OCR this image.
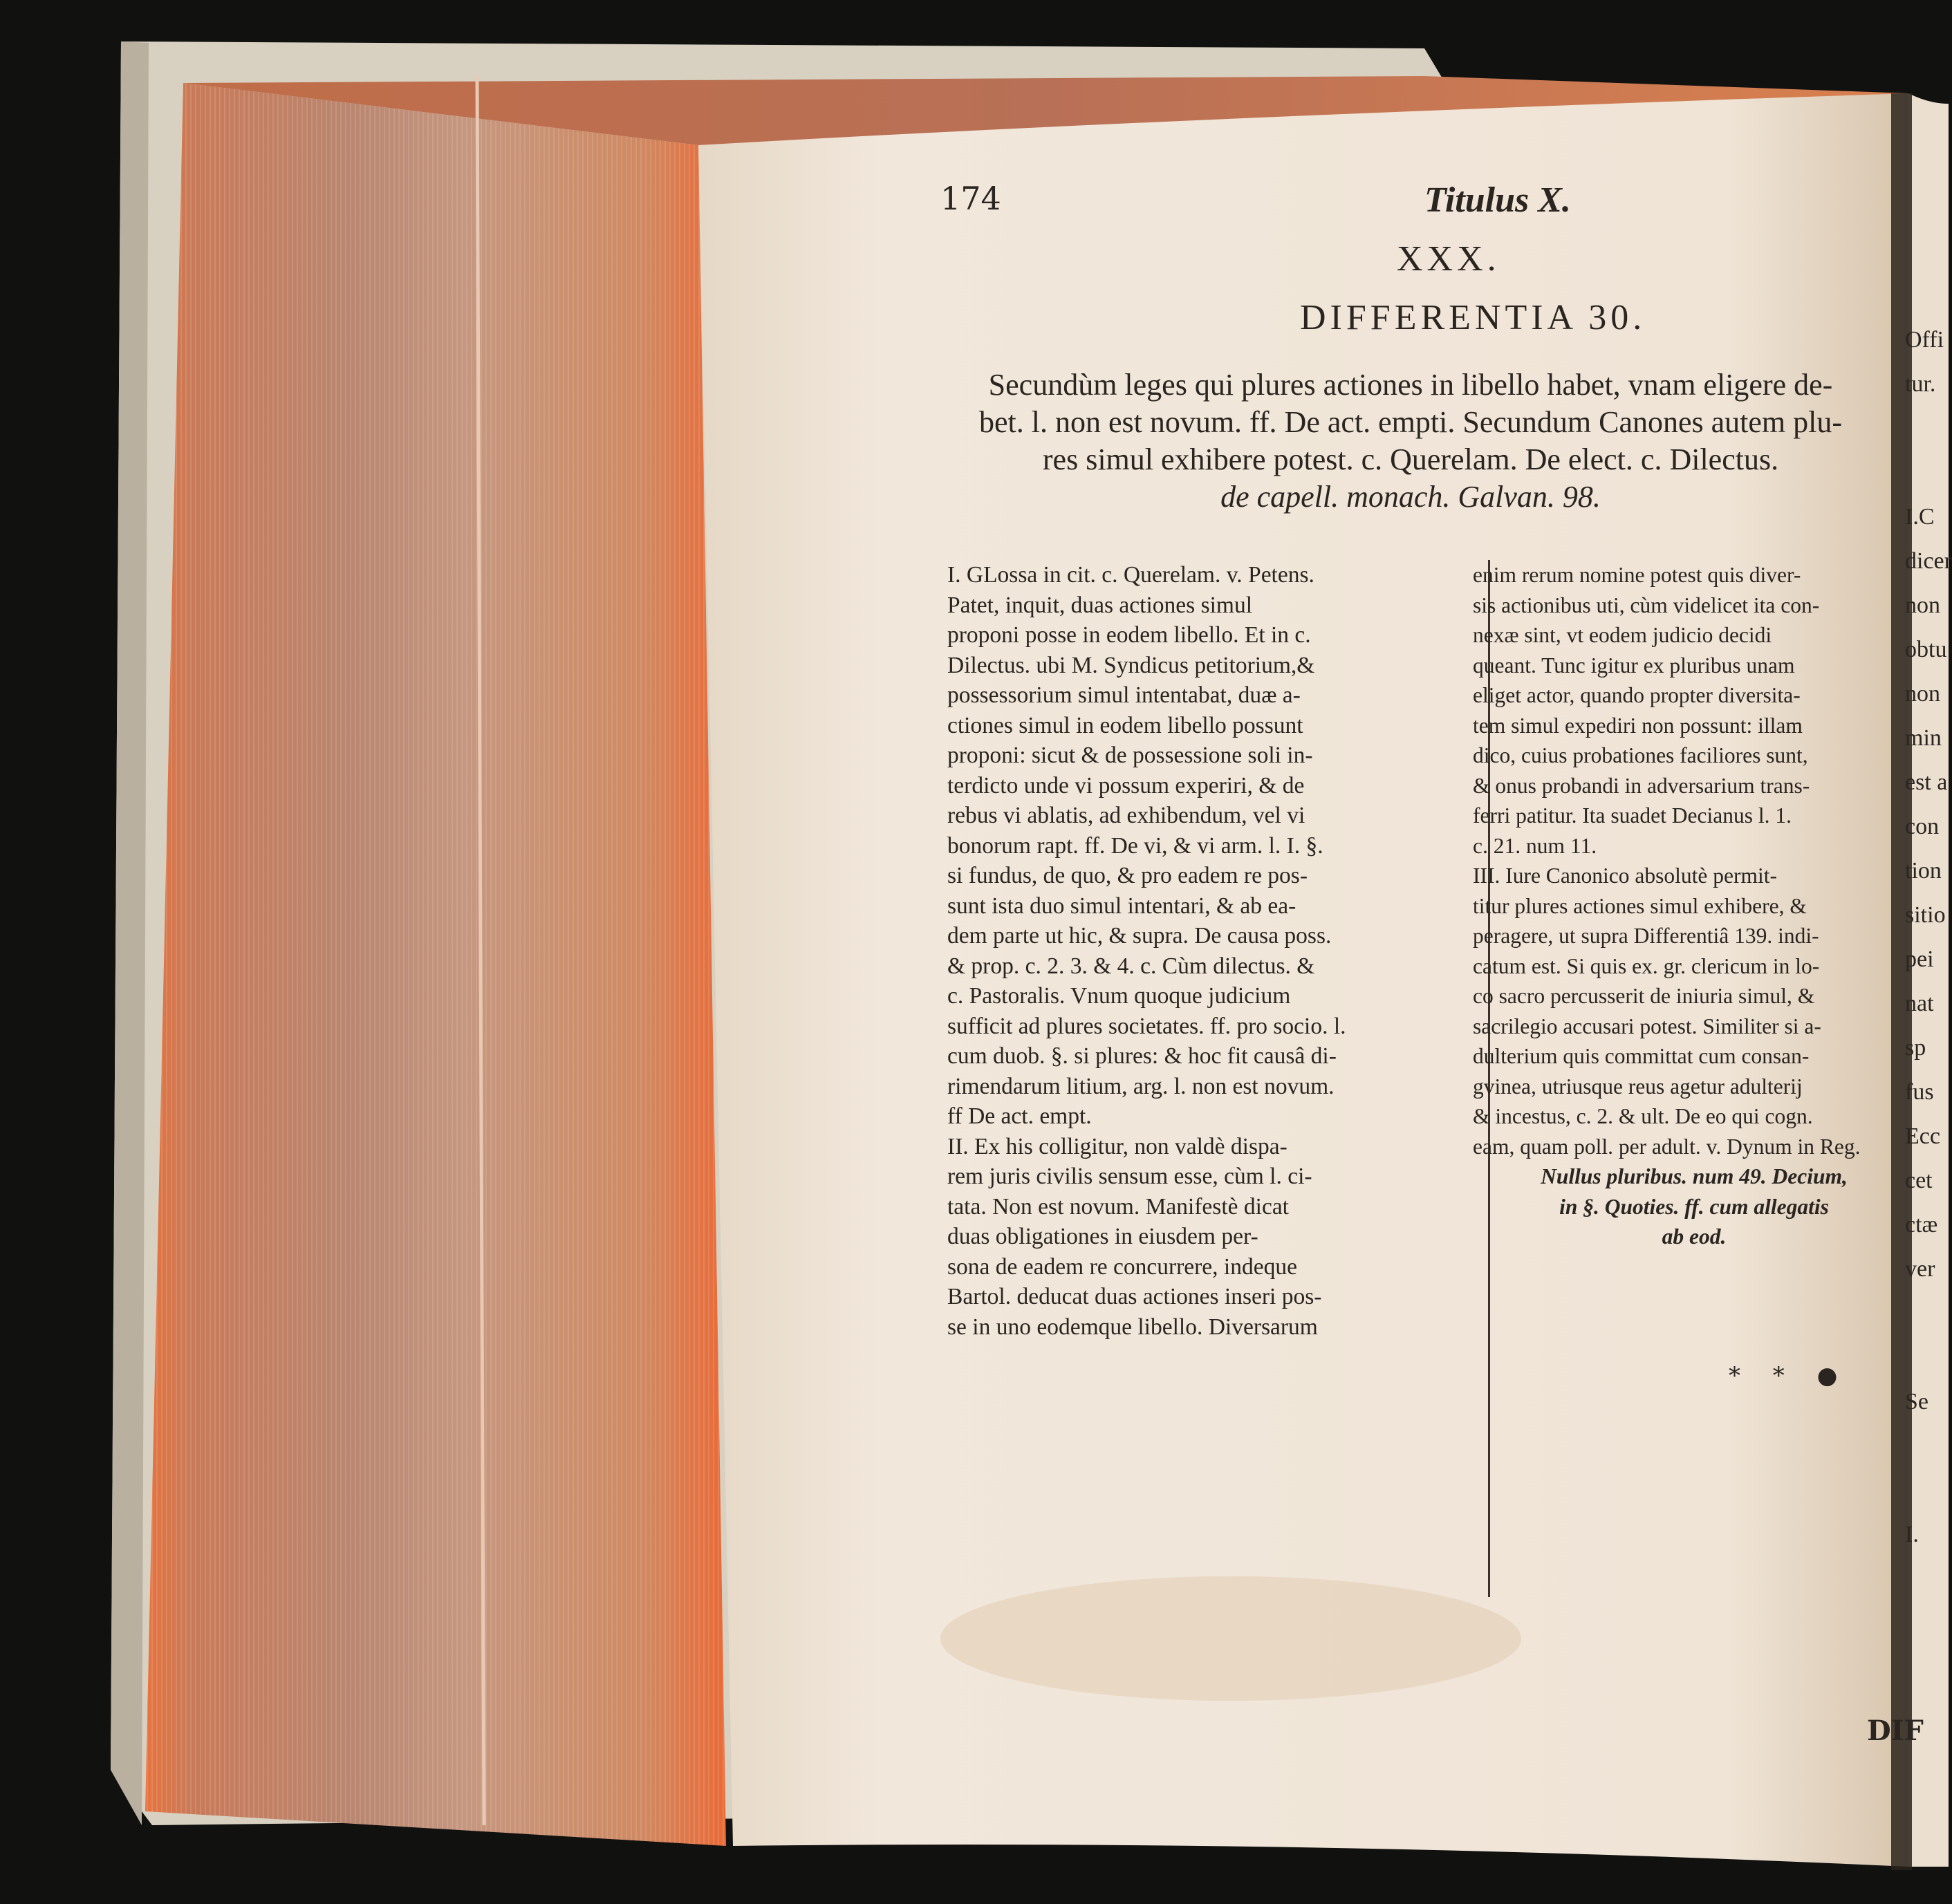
174	Titulus X.
XXX.
DIFFERENTIA 30.
Secundùm leges qui plures actiones in libello habet, vnam eligere de-
bet. l. non est novum. ff. De act. empti. Secundum Canones autem plu-
res simul exhibere potest. c. Querelam. De elect. c. Dilectus.
de capell. monach. Galvan. 98.
I. GLossa in cit. c. Querelam. v. Petens.
Patet, inquit, duas actiones simul
proponi posse in eodem libello. Et in c.
Dilectus. ubi M. Syndicus petitorium,&
possessorium simul intentabat, duæ a-
ctiones simul in eodem libello possunt
proponi: sicut & de possessione soli in-
terdicto unde vi possum experiri, & de
rebus vi ablatis, ad exhibendum, vel vi
bonorum rapt. ff. De vi, & vi arm. l. I. §.
si fundus, de quo, & pro eadem re pos-
sunt ista duo simul intentari, & ab ea-
dem parte ut hic, & supra. De causa poss.
& prop. c. 2. 3. & 4. c. Cùm dilectus. &
c. Pastoralis. Vnum quoque judicium
sufficit ad plures societates. ff. pro socio. l.
cum duob. §. si plures: & hoc fit causâ di-
rimendarum litium, arg. l. non est novum.
ff De act. empt.
II. Ex his colligitur, non valdè dispa-
rem juris civilis sensum esse, cùm l. ci-
tata. Non est novum. Manifestè dicat
duas obligationes in eiusdem per-
sona de eadem re concurrere, indeque
Bartol. deducat duas actiones inseri pos-
se in uno eodemque libello. Diversarum
enim rerum nomine potest quis diver-
sis actionibus uti, cùm videlicet ita con-
nexæ sint, vt eodem judicio decidi
queant. Tunc igitur ex pluribus unam
eliget actor, quando propter diversita-
tem simul expediri non possunt: illam
dico, cuius probationes faciliores sunt,
& onus probandi in adversarium trans-
ferri patitur. Ita suadet Decianus l. 1.
c. 21. num 11.
III. Iure Canonico absolutè permit-
titur plures actiones simul exhibere, &
peragere, ut supra Differentiâ 139. indi-
catum est. Si quis ex. gr. clericum in lo-
co sacro percusserit de iniuria simul, &
sacrilegio accusari potest. Similiter si a-
dulterium quis committat cum consan-
gvinea, utriusque reus agetur adulterij
& incestus, c. 2. & ult. De eo qui cogn.
eam, quam poll. per adult. v. Dynum in Reg.
Nullus pluribus. num 49. Decium,
in §. Quoties. ff. cum allegatis
ab eod.
* * ●
DIF
Offi
tur.

I.C
dicer
non
obtu
non
min
est a
con
tion
sitio
pei
nat
sp
fus
Ecc
cet
ctæ
ver

Se

I.
